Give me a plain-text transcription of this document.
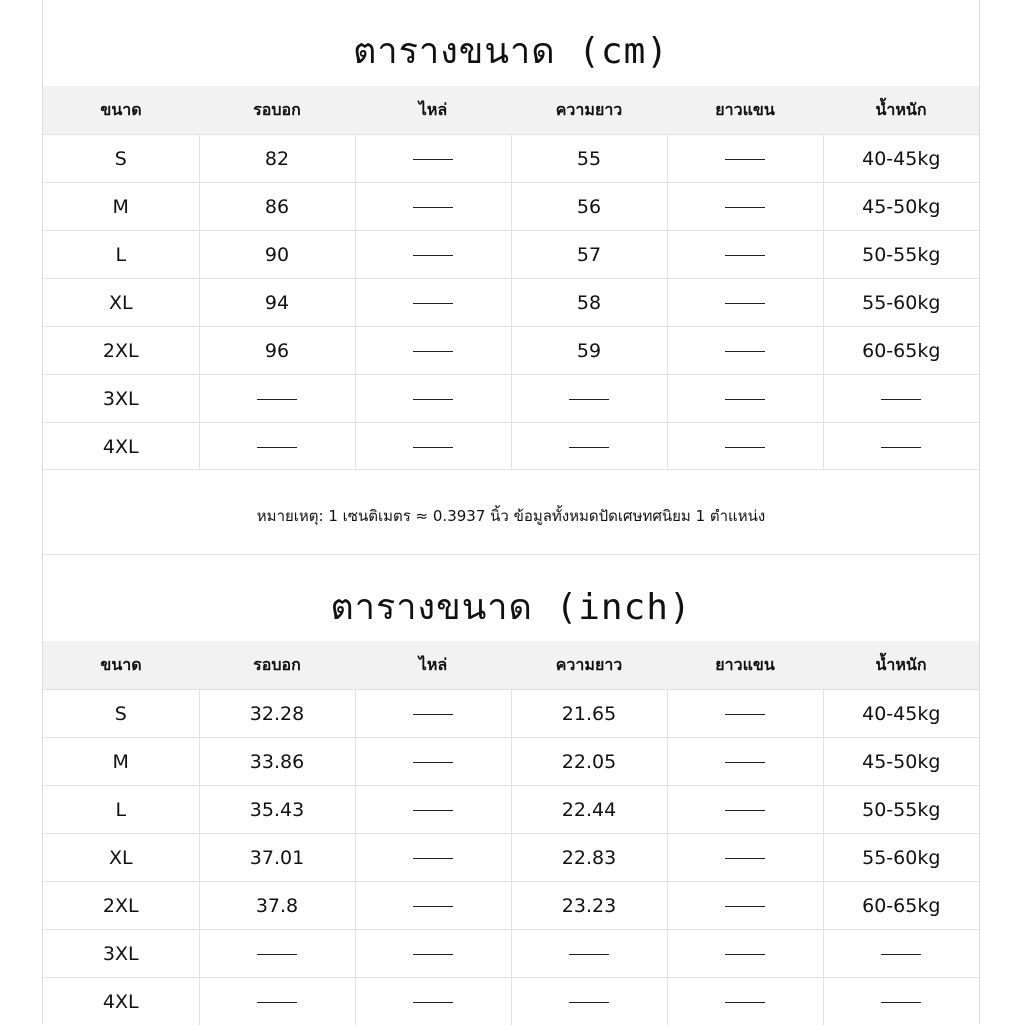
ตารางขนาด (cm)
ขนาด	รอบอก	ไหล่	ความยาว	ยาวแขน	น้ำหนัก
S	82		55		40-45kg
M	86		56		45-50kg
L	90		57		50-55kg
XL	94		58		55-60kg
2XL	96		59		60-65kg
3XL					
4XL					
หมายเหตุ: 1 เซนติเมตร ≈ 0.3937 นิ้ว ข้อมูลทั้งหมดปัดเศษทศนิยม 1 ตำแหน่ง
ตารางขนาด (inch)
ขนาด	รอบอก	ไหล่	ความยาว	ยาวแขน	น้ำหนัก
S	32.28		21.65		40-45kg
M	33.86		22.05		45-50kg
L	35.43		22.44		50-55kg
XL	37.01		22.83		55-60kg
2XL	37.8		23.23		60-65kg
3XL					
4XL					
